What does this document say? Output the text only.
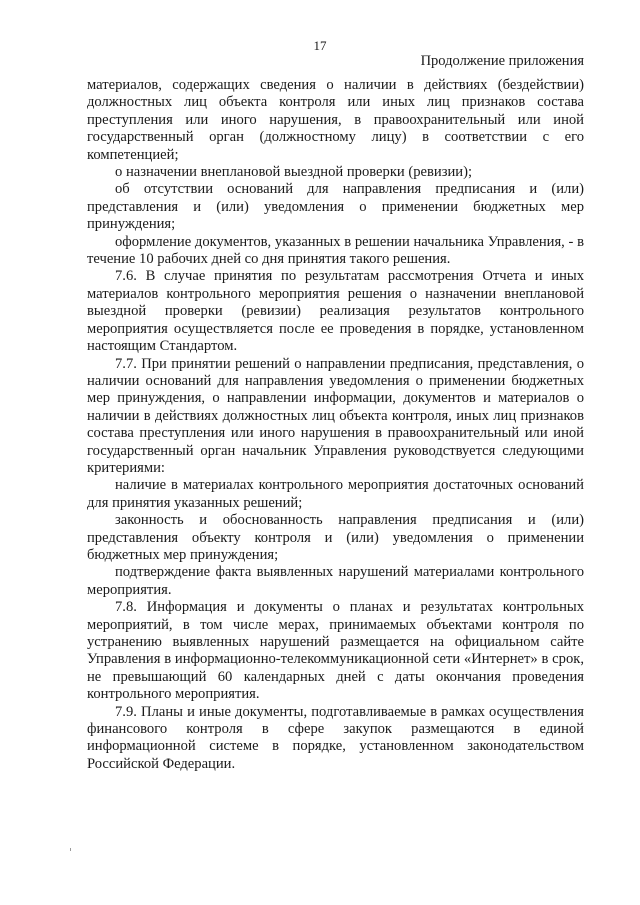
17
Продолжение приложения

материалов, содержащих сведения о наличии в действиях (бездействии) должностных лиц объекта контроля или иных лиц признаков состава преступления или иного нарушения, в правоохранительный или иной государственный орган (должностному лицу) в соответствии с его компетенцией;

о назначении внеплановой выездной проверки (ревизии);

об отсутствии оснований для направления предписания и (или) представления и (или) уведомления о применении бюджетных мер принуждения;

оформление документов, указанных в решении начальника Управления, - в течение 10 рабочих дней со дня принятия такого решения.

7.6. В случае принятия по результатам рассмотрения Отчета и иных материалов контрольного мероприятия решения о назначении внеплановой выездной проверки (ревизии) реализация результатов контрольного мероприятия осуществляется после ее проведения в порядке, установленном настоящим Стандартом.

7.7. При принятии решений о направлении предписания, представления, о наличии оснований для направления уведомления о применении бюджетных мер принуждения, о направлении информации, документов и материалов о наличии в действиях должностных лиц объекта контроля, иных лиц признаков состава преступления или иного нарушения в правоохранительный или иной государственный орган начальник Управления руководствуется следующими критериями:

наличие в материалах контрольного мероприятия достаточных оснований для принятия указанных решений;

законность и обоснованность направления предписания и (или) представления объекту контроля и (или) уведомления о применении бюджетных мер принуждения;

подтверждение факта выявленных нарушений материалами контрольного мероприятия.

7.8. Информация и документы о планах и результатах контрольных мероприятий, в том числе мерах, принимаемых объектами контроля по устранению выявленных нарушений размещается на официальном сайте Управления в информационно-телекоммуникационной сети «Интернет» в срок, не превышающий 60 календарных дней с даты окончания проведения контрольного мероприятия.

7.9. Планы и иные документы, подготавливаемые в рамках осуществления финансового контроля в сфере закупок размещаются в единой информационной системе в порядке, установленном законодательством Российской Федерации.
